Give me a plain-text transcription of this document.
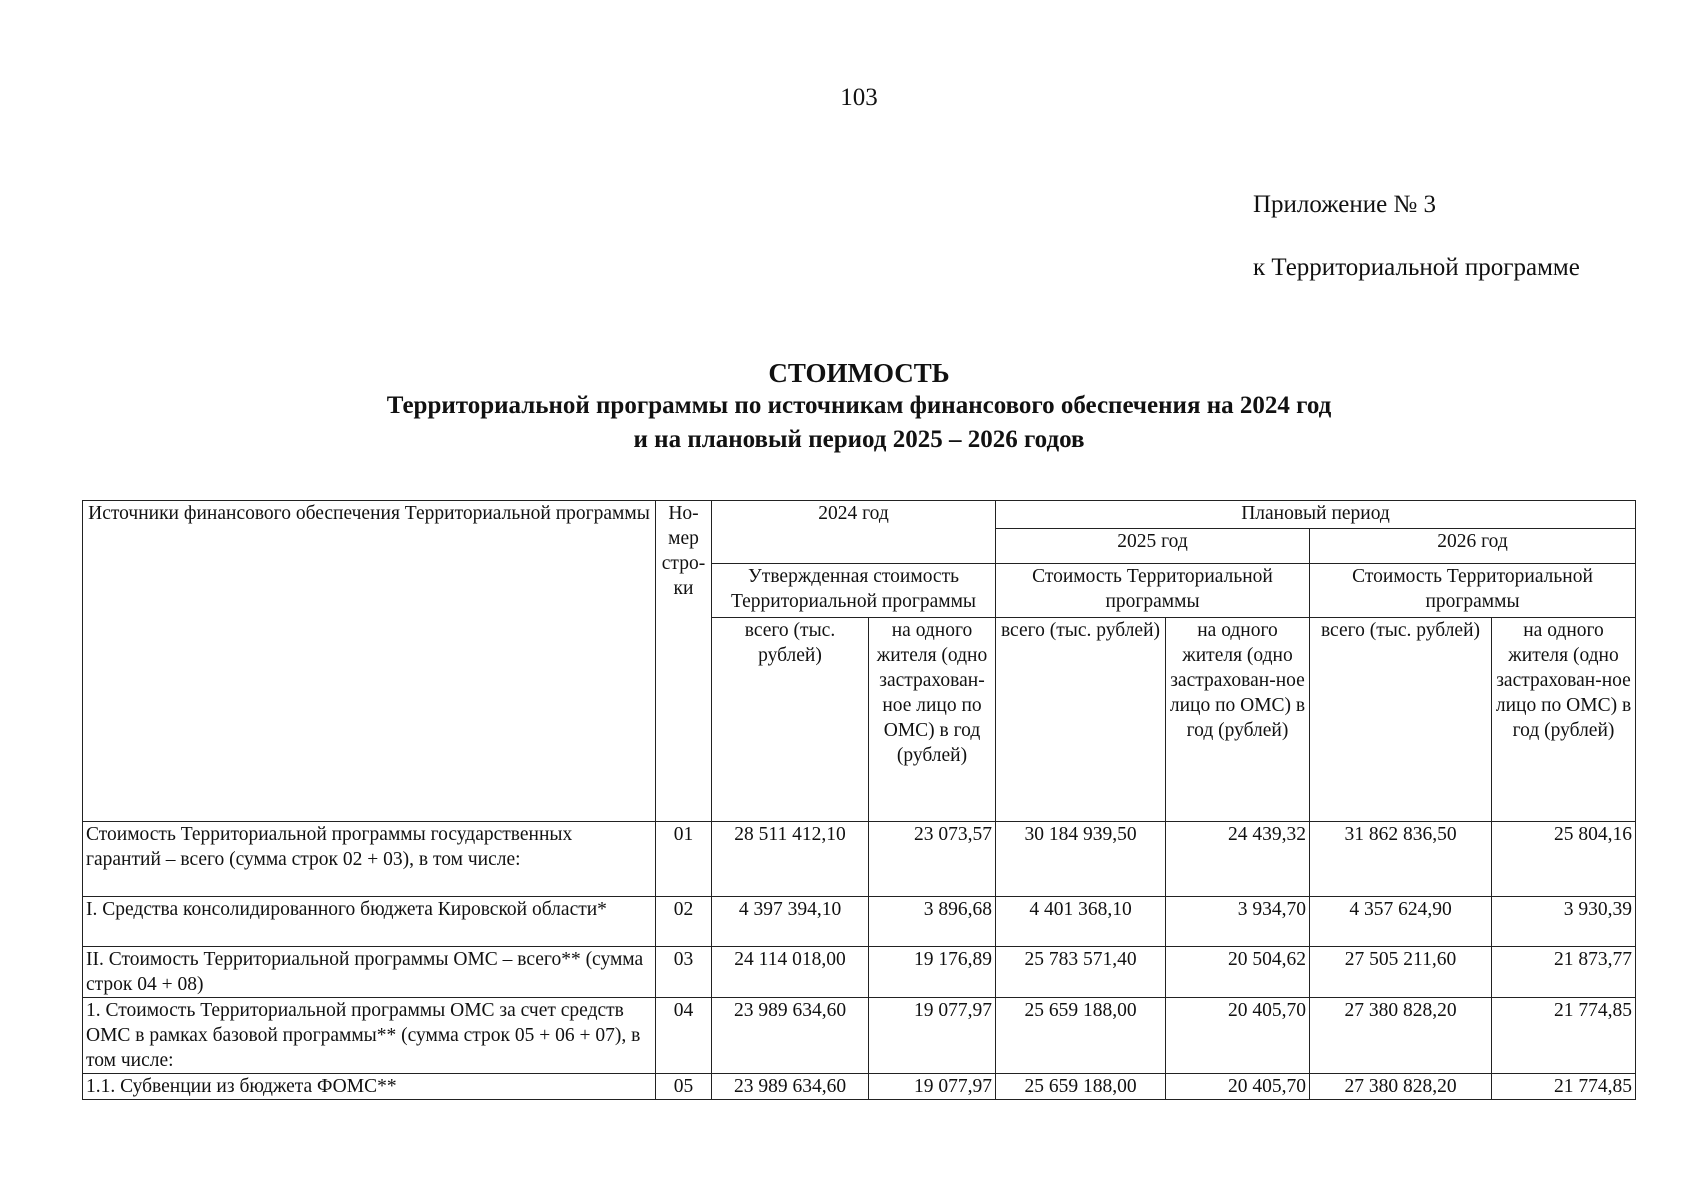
103
Приложение № 3
к Территориальной программе
СТОИМОСТЬ
Территориальной программы по источникам финансового обеспечения на 2024 год
и на плановый период 2025 – 2026 годов
Источники финансового обеспечения Территориальной программы	Но-мер стро-ки	2024 год		Плановый период			
				2025 год		2026 год	
		Утвержденная стоимость Территориальной программы		Стоимость Территориальной программы		Стоимость Территориальной программы	
		всего (тыс. рублей)	на одного жителя (одно застрахован-ное лицо по ОМС) в год (рублей)	всего (тыс. рублей)	на одного жителя (одно застрахован-ное лицо по ОМС) в год (рублей)	всего (тыс. рублей)	на одного жителя (одно застрахован-ное лицо по ОМС) в год (рублей)
Стоимость Территориальной программы государственных гарантий – всего (сумма строк 02 + 03), в том числе:	01	28 511 412,10	23 073,57	30 184 939,50	24 439,32	31 862 836,50	25 804,16
I. Средства консолидированного бюджета Кировской области*	02	4 397 394,10	3 896,68	4 401 368,10	3 934,70	4 357 624,90	3 930,39
II. Стоимость Территориальной программы ОМС – всего** (сумма строк 04 + 08)	03	24 114 018,00	19 176,89	25 783 571,40	20 504,62	27 505 211,60	21 873,77
1. Стоимость Территориальной программы ОМС за счет средств ОМС в рамках базовой программы** (сумма строк 05 + 06 + 07), в том числе:	04	23 989 634,60	19 077,97	25 659 188,00	20 405,70	27 380 828,20	21 774,85
1.1. Субвенции из бюджета ФОМС**	05	23 989 634,60	19 077,97	25 659 188,00	20 405,70	27 380 828,20	21 774,85
